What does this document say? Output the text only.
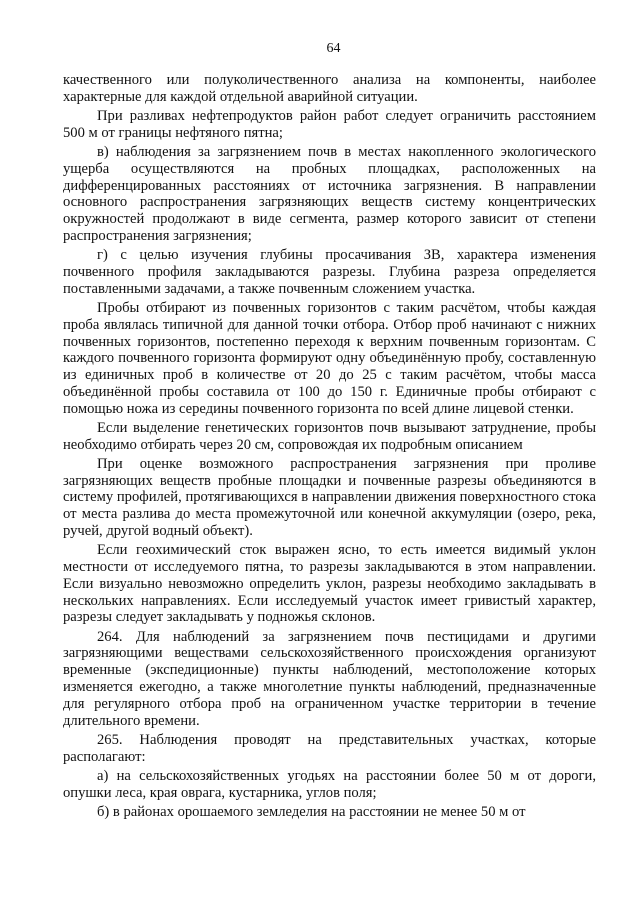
64

качественного или полуколичественного анализа на компоненты, наиболее характерные для каждой отдельной аварийной ситуации.

При разливах нефтепродуктов район работ следует ограничить расстоянием 500 м от границы нефтяного пятна;

в) наблюдения за загрязнением почв в местах накопленного экологического ущерба осуществляются на пробных площадках, расположенных на дифференцированных расстояниях от источника загрязнения. В направлении основного распространения загрязняющих веществ систему концентрических окружностей продолжают в виде сегмента, размер которого зависит от степени распространения загрязнения;

г) с целью изучения глубины просачивания ЗВ, характера изменения почвенного профиля закладываются разрезы. Глубина разреза определяется поставленными задачами, а также почвенным сложением участка.

Пробы отбирают из почвенных горизонтов с таким расчётом, чтобы каждая проба являлась типичной для данной точки отбора. Отбор проб начинают с нижних почвенных горизонтов, постепенно переходя к верхним почвенным горизонтам. С каждого почвенного горизонта формируют одну объединённую пробу, составленную из единичных проб в количестве от 20 до 25 с таким расчётом, чтобы масса объединённой пробы составила от 100 до 150 г. Единичные пробы отбирают с помощью ножа из середины почвенного горизонта по всей длине лицевой стенки.

Если выделение генетических горизонтов почв вызывают затруднение, пробы необходимо отбирать через 20 см, сопровождая их подробным описанием

При оценке возможного распространения загрязнения при проливе загрязняющих веществ пробные площадки и почвенные разрезы объединяются в систему профилей, протягивающихся в направлении движения поверхностного стока от места разлива до места промежуточной или конечной аккумуляции (озеро, река, ручей, другой водный объект).

Если геохимический сток выражен ясно, то есть имеется видимый уклон местности от исследуемого пятна, то разрезы закладываются в этом направлении. Если визуально невозможно определить уклон, разрезы необходимо закладывать в нескольких направлениях. Если исследуемый участок имеет гривистый характер, разрезы следует закладывать у подножья склонов.

264. Для наблюдений за загрязнением почв пестицидами и другими загрязняющими веществами сельскохозяйственного происхождения организуют временные (экспедиционные) пункты наблюдений, местоположение которых изменяется ежегодно, а также многолетние пункты наблюдений, предназначенные для регулярного отбора проб на ограниченном участке территории в течение длительного времени.

265. Наблюдения проводят на представительных участках, которые располагают:

а) на сельскохозяйственных угодьях на расстоянии более 50 м от дороги, опушки леса, края оврага, кустарника, углов поля;

б) в районах орошаемого земледелия на расстоянии не менее 50 м от
